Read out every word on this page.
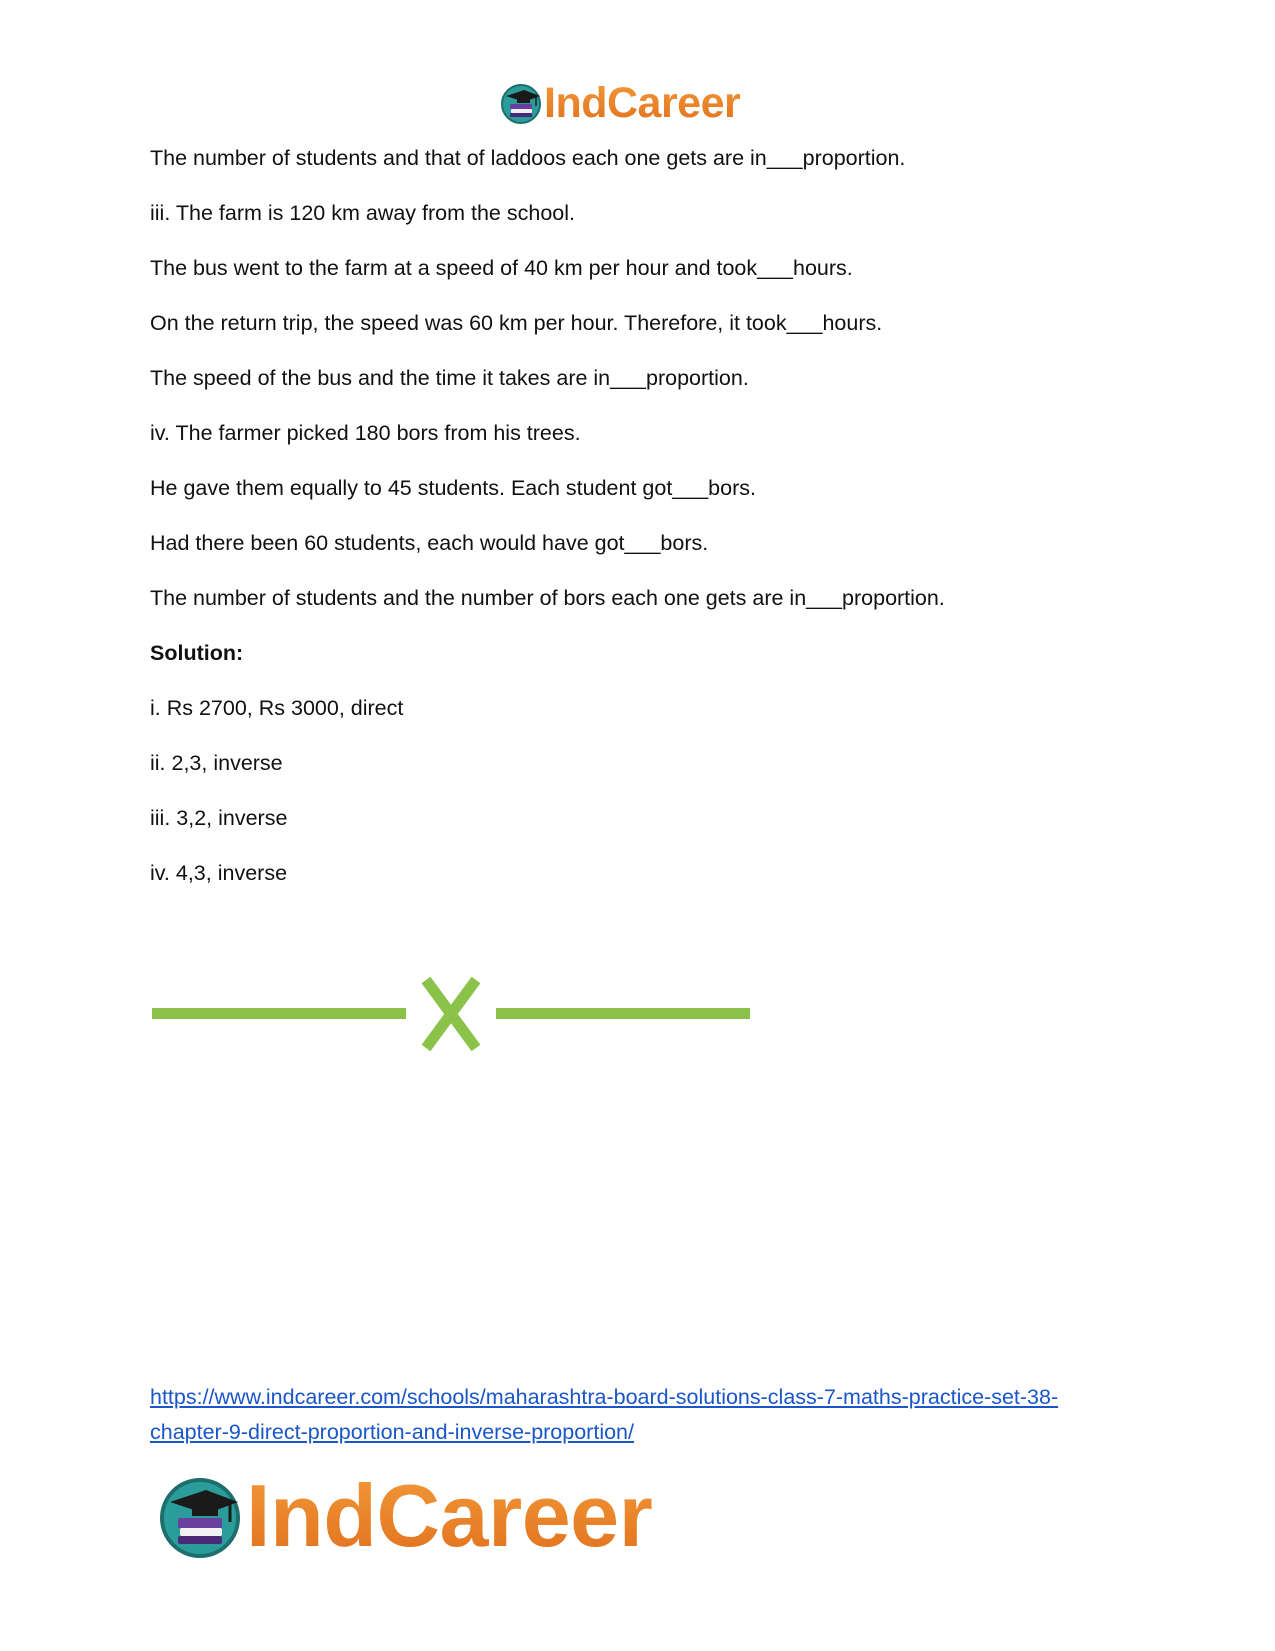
IndCareer

The number of students and that of laddoos each one gets are in___proportion.

iii. The farm is 120 km away from the school.

The bus went to the farm at a speed of 40 km per hour and took___hours.

On the return trip, the speed was 60 km per hour. Therefore, it took___hours.

The speed of the bus and the time it takes are in___proportion.

iv. The farmer picked 180 bors from his trees.

He gave them equally to 45 students. Each student got___bors.

Had there been 60 students, each would have got___bors.

The number of students and the number of bors each one gets are in___proportion.

Solution:

i. Rs 2700, Rs 3000, direct

ii. 2,3, inverse

iii. 3,2, inverse

iv. 4,3, inverse

https://www.indcareer.com/schools/maharashtra-board-solutions-class-7-maths-practice-set-38-
chapter-9-direct-proportion-and-inverse-proportion/
IndCareer
